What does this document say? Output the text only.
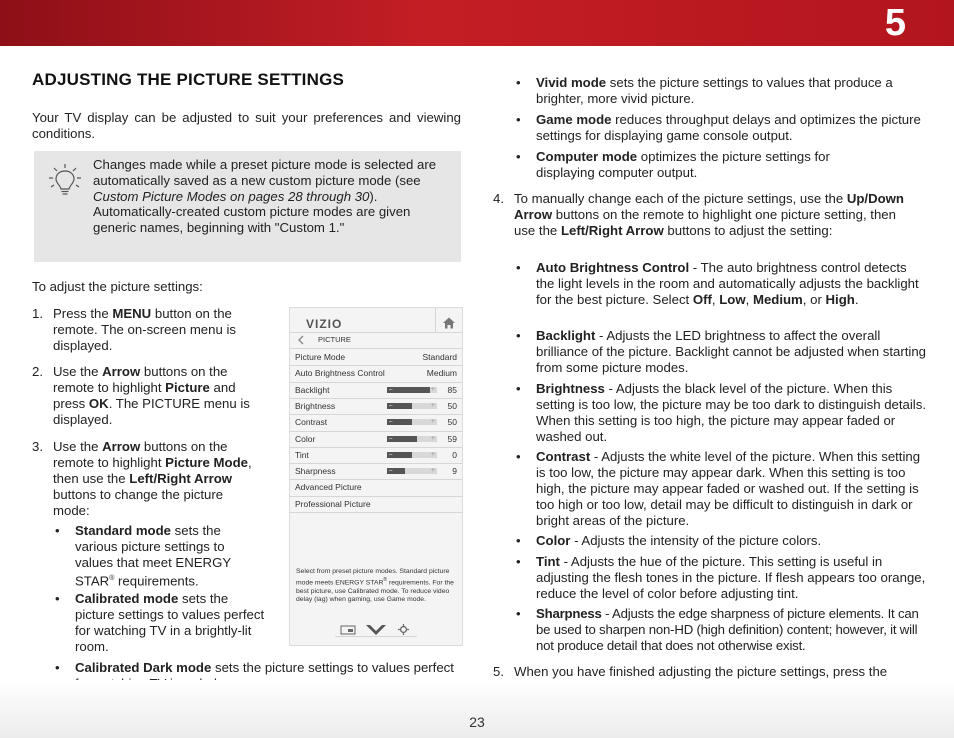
5
ADJUSTING THE PICTURE SETTINGS

Your TV display can be adjusted to suit your preferences and viewing conditions.

Changes made while a preset picture mode is selected are automatically saved as a new custom picture mode (see Custom Picture Modes on pages 28 through 30). Automatically-created custom picture modes are given generic names, beginning with "Custom 1."
To adjust the picture settings:
1. Press the MENU button on the remote. The on-screen menu is displayed.
2. Use the Arrow buttons on the remote to highlight Picture and press OK. The PICTURE menu is displayed.
3. Use the Arrow buttons on the remote to highlight Picture Mode, then use the Left/Right Arrow buttons to change the picture mode:
• Standard mode sets the various picture settings to values that meet ENERGY STAR® requirements.
• Calibrated mode sets the picture settings to values perfect for watching TV in a brightly-lit room.
• Calibrated Dark mode sets the picture settings to values perfect
VIZIO
PICTURE
Picture Mode	Standard
Auto Brightness Control	Medium
Backlight	–	+ 85
Brightness	–	+ 50
Contrast	–	+ 50
Color	–	+ 59
Tint	–	+ 0
Sharpness	–	+ 9
Advanced Picture
Professional Picture
Select from preset picture modes. Standard picture mode meets ENERGY STAR® requirements. For the best picture, use Calibrated mode. To reduce video delay (lag) when gaming, use Game mode.
• Vivid mode sets the picture settings to values that produce a brighter, more vivid picture.
• Game mode reduces throughput delays and optimizes the picture settings for displaying game console output.
• Computer mode optimizes the picture settings for displaying computer output.
4. To manually change each of the picture settings, use the Up/Down Arrow buttons on the remote to highlight one picture setting, then use the Left/Right Arrow buttons to adjust the setting:
• Auto Brightness Control - The auto brightness control detects the light levels in the room and automatically adjusts the backlight for the best picture. Select Off, Low, Medium, or High.
• Backlight - Adjusts the LED brightness to affect the overall brilliance of the picture. Backlight cannot be adjusted when starting from some picture modes.
• Brightness - Adjusts the black level of the picture. When this setting is too low, the picture may be too dark to distinguish details. When this setting is too high, the picture may appear faded or washed out.
• Contrast - Adjusts the white level of the picture. When this setting is too low, the picture may appear dark. When this setting is too high, the picture may appear faded or washed out. If the setting is too high or too low, detail may be difficult to distinguish in dark or bright areas of the picture.
• Color - Adjusts the intensity of the picture colors.
• Tint - Adjusts the hue of the picture. This setting is useful in adjusting the flesh tones in the picture. If flesh appears too orange, reduce the level of color before adjusting tint.
• Sharpness - Adjusts the edge sharpness of picture elements. It can be used to sharpen non-HD (high definition) content; however, it will not produce detail that does not otherwise exist.
5. When you have finished adjusting the picture settings, press the
23
